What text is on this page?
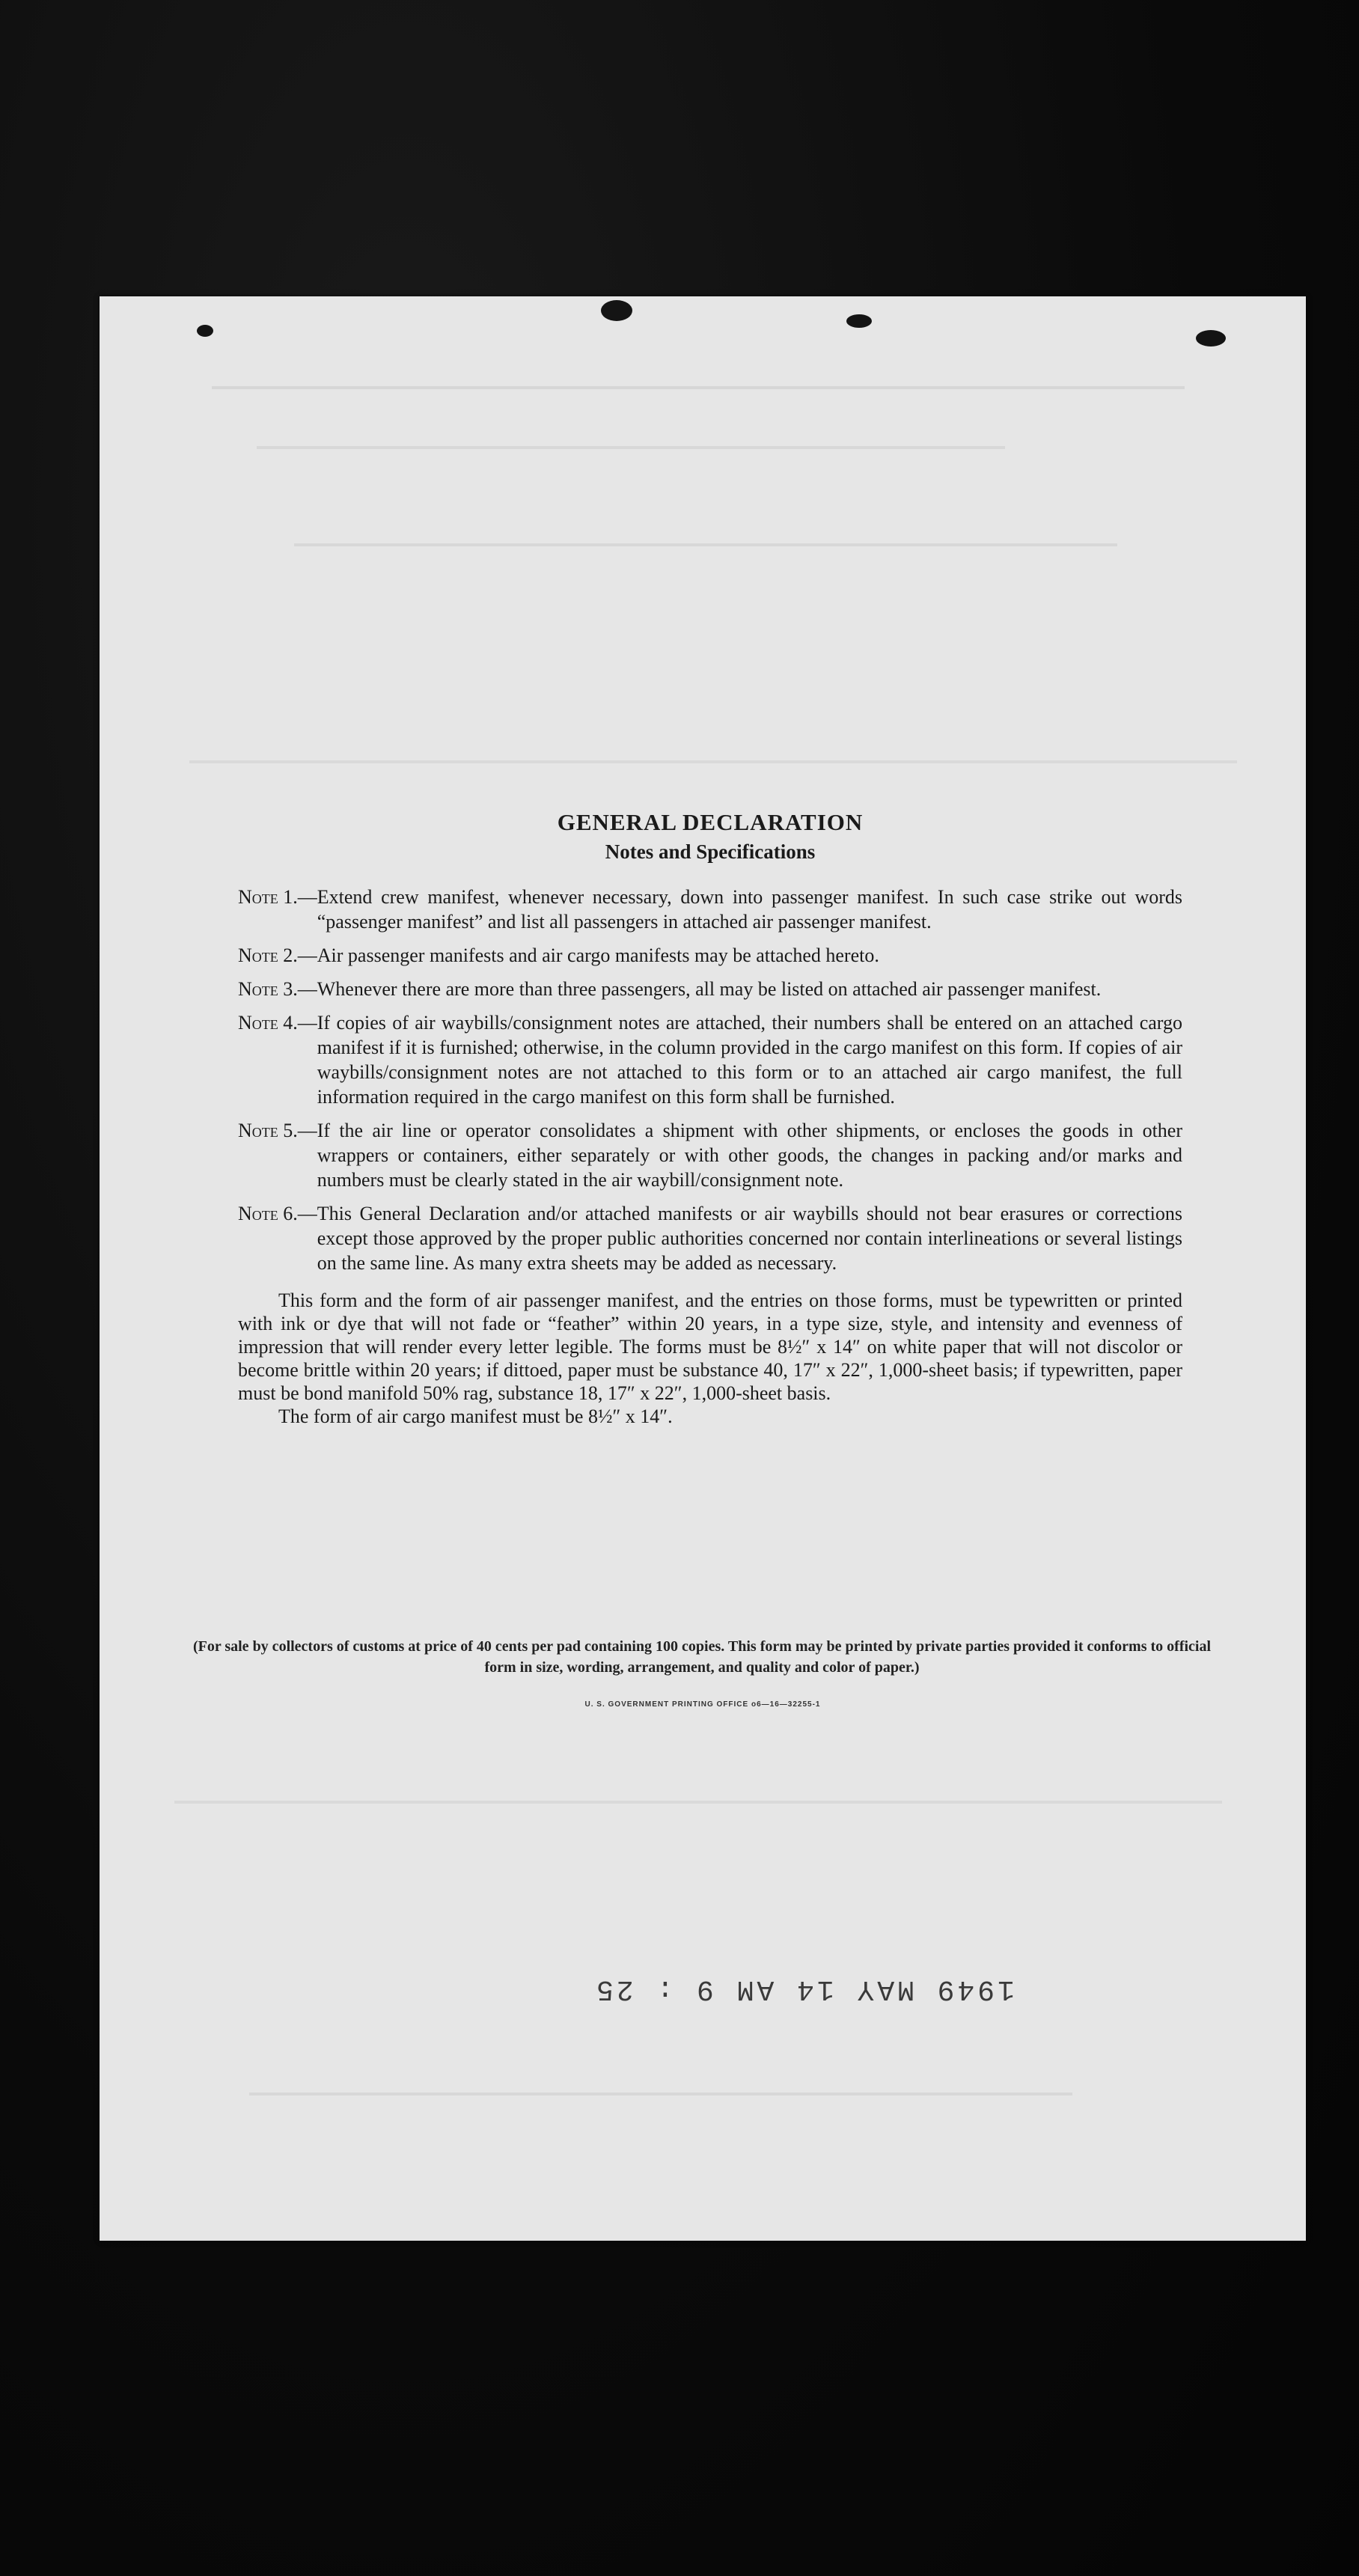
GENERAL DECLARATION
Notes and Specifications
Note 1.— Extend crew manifest, whenever necessary, down into passenger manifest. In such case strike out words “passenger manifest” and list all passengers in attached air passenger manifest.
Note 2.— Air passenger manifests and air cargo manifests may be attached hereto.
Note 3.— Whenever there are more than three passengers, all may be listed on attached air passenger manifest.
Note 4.— If copies of air waybills/consignment notes are attached, their numbers shall be entered on an attached cargo manifest if it is furnished; otherwise, in the column provided in the cargo manifest on this form. If copies of air waybills/consignment notes are not attached to this form or to an attached air cargo manifest, the full information required in the cargo manifest on this form shall be furnished.
Note 5.— If the air line or operator consolidates a shipment with other shipments, or encloses the goods in other wrappers or containers, either separately or with other goods, the changes in packing and/or marks and numbers must be clearly stated in the air waybill/consignment note.
Note 6.— This General Declaration and/or attached manifests or air waybills should not bear erasures or corrections except those approved by the proper public authorities concerned nor contain interlineations or several listings on the same line. As many extra sheets may be added as necessary.
This form and the form of air passenger manifest, and the entries on those forms, must be typewritten or printed with ink or dye that will not fade or “feather” within 20 years, in a type size, style, and intensity and evenness of impression that will render every letter legible. The forms must be 8½″ x 14″ on white paper that will not discolor or become brittle within 20 years; if dittoed, paper must be substance 40, 17″ x 22″, 1,000-sheet basis; if typewritten, paper must be bond manifold 50% rag, substance 18, 17″ x 22″, 1,000-sheet basis.
The form of air cargo manifest must be 8½″ x 14″.
(For sale by collectors of customs at price of 40 cents per pad containing 100 copies. This form may be printed by private parties provided it conforms to official form in size, wording, arrangement, and quality and color of paper.)
U. S. GOVERNMENT PRINTING OFFICE o6—16—32255-1
1949 MAY 14 AM 9 : 25
